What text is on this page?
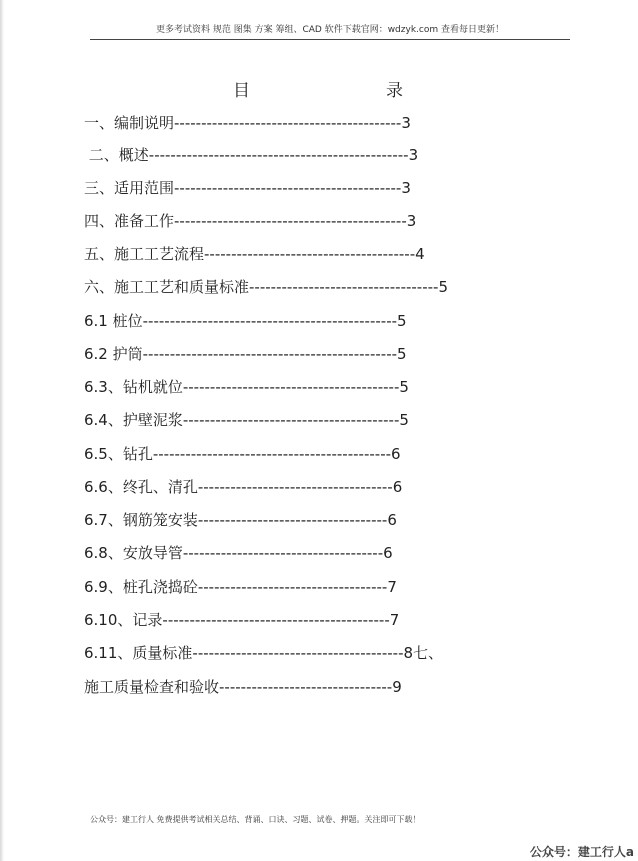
更多考试资料 规范 图集 方案 筹组、CAD 软件下载官网：wdzyk.com 查看每日更新！
目	录
一、编制说明------------------------------------------3
二、概述------------------------------------------------3
三、适用范围------------------------------------------3
四、准备工作-------------------------------------------3
五、施工工艺流程---------------------------------------4
六、施工工艺和质量标准-----------------------------------5
6.1 桩位-----------------------------------------------5
6.2 护筒-----------------------------------------------5
6.3、钻机就位----------------------------------------5
6.4、护壁泥浆----------------------------------------5
6.5、钻孔--------------------------------------------6
6.6、终孔、清孔------------------------------------6
6.7、钢筋笼安装-----------------------------------6
6.8、安放导管-------------------------------------6
6.9、桩孔浇捣砼-----------------------------------7
6.10、记录------------------------------------------7
6.11、质量标准---------------------------------------8七、
施工质量检查和验收--------------------------------9
公众号：建工行人 免费提供考试相关总结、背诵、口诀、习题、试卷、押题。关注即可下载！
公众号：建工行人a
